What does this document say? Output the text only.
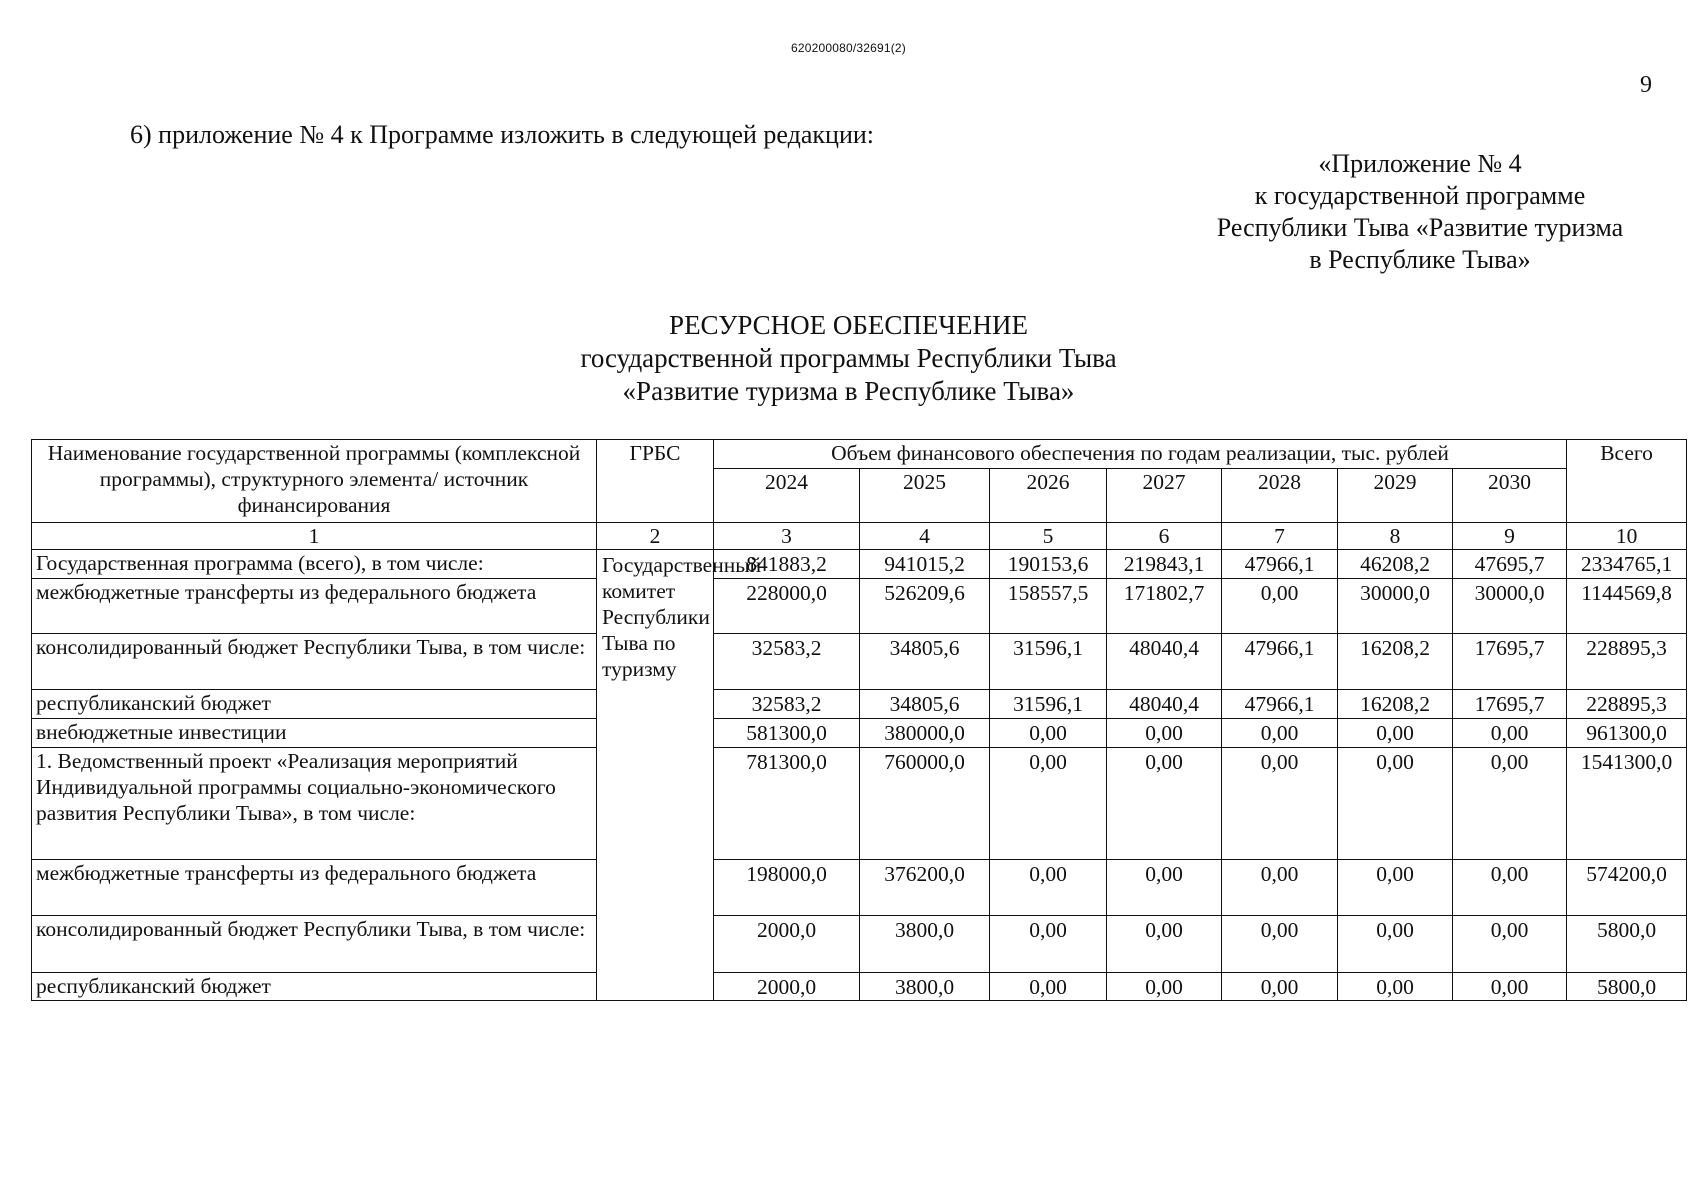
620200080/32691(2)
9
6) приложение № 4 к Программе изложить в следующей редакции:
«Приложение № 4
к государственной программе
Республики Тыва «Развитие туризма
в Республике Тыва»
РЕСУРСНОЕ ОБЕСПЕЧЕНИЕ
государственной программы Республики Тыва
«Развитие туризма в Республике Тыва»
Наименование государственной программы (комплексной программы), структурного элемента/ источник финансирования	ГРБС	Объем финансового обеспечения по годам реализации, тыс. рублей							Всего
		2024	2025	2026	2027	2028	2029	2030	
1	2	3	4	5	6	7	8	9	10
Государственная программа (всего), в том числе:	Государственный комитет Республики Тыва по туризму	841883,2	941015,2	190153,6	219843,1	47966,1	46208,2	47695,7	2334765,1
межбюджетные трансферты из федерального бюджета		228000,0	526209,6	158557,5	171802,7	0,00	30000,0	30000,0	1144569,8
консолидированный бюджет Республики Тыва, в том числе:		32583,2	34805,6	31596,1	48040,4	47966,1	16208,2	17695,7	228895,3
республиканский бюджет		32583,2	34805,6	31596,1	48040,4	47966,1	16208,2	17695,7	228895,3
внебюджетные инвестиции		581300,0	380000,0	0,00	0,00	0,00	0,00	0,00	961300,0
1. Ведомственный проект «Реализация мероприятий Индивидуальной программы социально-экономического развития Республики Тыва», в том числе:		781300,0	760000,0	0,00	0,00	0,00	0,00	0,00	1541300,0
межбюджетные трансферты из федерального бюджета		198000,0	376200,0	0,00	0,00	0,00	0,00	0,00	574200,0
консолидированный бюджет Республики Тыва, в том числе:		2000,0	3800,0	0,00	0,00	0,00	0,00	0,00	5800,0
республиканский бюджет		2000,0	3800,0	0,00	0,00	0,00	0,00	0,00	5800,0
